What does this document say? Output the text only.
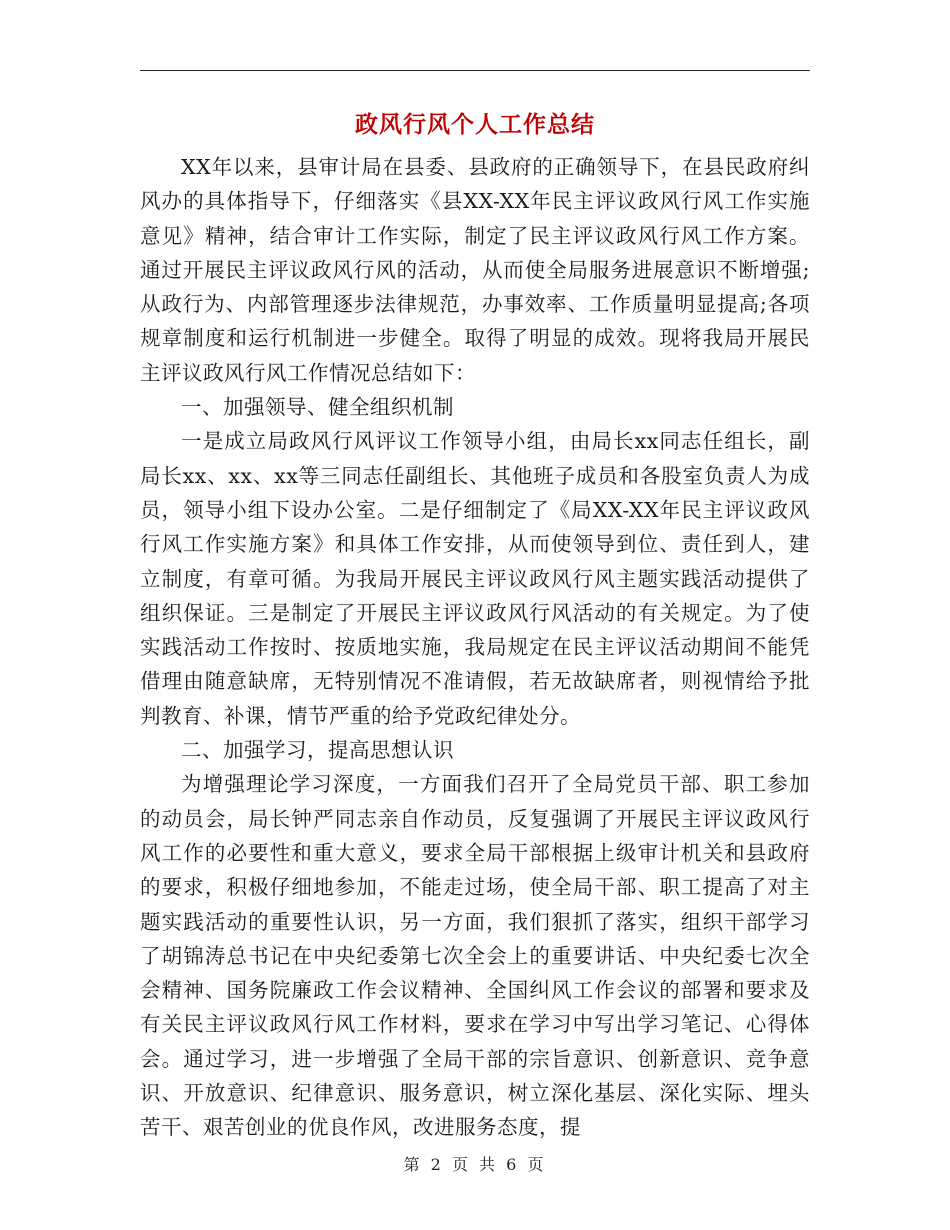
政风行风个人工作总结

XX年以来，县审计局在县委、县政府的正确领导下，在县民政府纠风办的具体指导下，仔细落实《县XX-XX年民主评议政风行风工作实施意见》精神，结合审计工作实际，制定了民主评议政风行风工作方案。通过开展民主评议政风行风的活动，从而使全局服务进展意识不断增强;从政行为、内部管理逐步法律规范，办事效率、工作质量明显提高;各项规章制度和运行机制进一步健全。取得了明显的成效。现将我局开展民主评议政风行风工作情况总结如下：

一、加强领导、健全组织机制

一是成立局政风行风评议工作领导小组，由局长xx同志任组长，副局长xx、xx、xx等三同志任副组长、其他班子成员和各股室负责人为成员，领导小组下设办公室。二是仔细制定了《局XX-XX年民主评议政风行风工作实施方案》和具体工作安排，从而使领导到位、责任到人，建立制度，有章可循。为我局开展民主评议政风行风主题实践活动提供了组织保证。三是制定了开展民主评议政风行风活动的有关规定。为了使实践活动工作按时、按质地实施，我局规定在民主评议活动期间不能凭借理由随意缺席，无特别情况不准请假，若无故缺席者，则视情给予批判教育、补课，情节严重的给予党政纪律处分。

二、加强学习，提高思想认识

为增强理论学习深度，一方面我们召开了全局党员干部、职工参加的动员会，局长钟严同志亲自作动员，反复强调了开展民主评议政风行风工作的必要性和重大意义，要求全局干部根据上级审计机关和县政府的要求，积极仔细地参加，不能走过场，使全局干部、职工提高了对主题实践活动的重要性认识，另一方面，我们狠抓了落实，组织干部学习了胡锦涛总书记在中央纪委第七次全会上的重要讲话、中央纪委七次全会精神、国务院廉政工作会议精神、全国纠风工作会议的部署和要求及有关民主评议政风行风工作材料，要求在学习中写出学习笔记、心得体会。通过学习，进一步增强了全局干部的宗旨意识、创新意识、竞争意识、开放意识、纪律意识、服务意识，树立深化基层、深化实际、埋头苦干、艰苦创业的优良作风，改进服务态度，提

第 2 页 共 6 页
